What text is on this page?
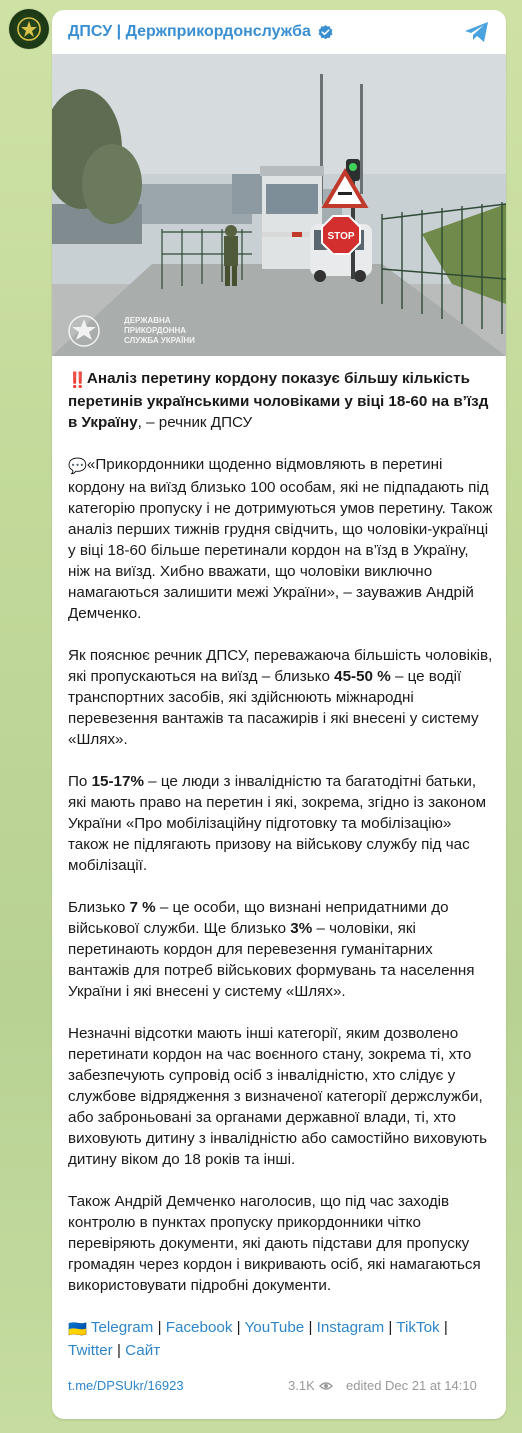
ДПСУ | Держприкордонслужба
STOP
ДЕРЖАВНА
ПРИКОРДОННА
СЛУЖБА УКРАЇНИ

‼️Аналіз перетину кордону показує більшу кількість перетинів українськими чоловіками у віці 18-60 на в’їзд в Україну, – речник ДПСУ

💬«Прикордонники щоденно відмовляють в перетині кордону на виїзд близько 100 особам, які не підпадають під категорію пропуску і не дотримуються умов перетину. Також аналіз перших тижнів грудня свідчить, що чоловіки-українці у віці 18-60 більше перетинали кордон на в’їзд в Україну, ніж на виїзд. Хибно вважати, що чоловіки виключно намагаються залишити межі України», – зауважив Андрій Демченко.

Як пояснює речник ДПСУ, переважаюча більшість чоловіків, які пропускаються на виїзд – близько 45-50 % – це водії транспортних засобів, які здійснюють міжнародні перевезення вантажів та пасажирів і які внесені у систему «Шлях».

По 15-17% – це люди з інвалідністю та багатодітні батьки, які мають право на перетин і які, зокрема, згідно із законом України «Про мобілізаційну підготовку та мобілізацію» також не підлягають призову на військову службу під час мобілізації.

Близько 7 % – це особи, що визнані непридатними до військової служби. Ще близько 3% – чоловіки, які перетинають кордон для перевезення гуманітарних вантажів для потреб військових формувань та населення України і які внесені у систему «Шлях».

Незначні відсотки мають інші категорії, яким дозволено перетинати кордон на час воєнного стану, зокрема ті, хто забезпечують супровід осіб з інвалідністю, хто слідує у службове відрядження з визначеної категорії держслужби, або заброньовані за органами державної влади, ті, хто виховують дитину з інвалідністю або самостійно виховують дитину віком до 18 років та інші.

Також Андрій Демченко наголосив, що під час заходів контролю в пунктах пропуску прикордонники чітко перевіряють документи, які дають підстави для пропуску громадян через кордон і викривають осіб, які намагаються використовувати підробні документи.

🇺🇦 Telegram | Facebook | YouTube | Instagram | TikTok | Twitter | Сайт

t.me/DPSUkr/16923	3.1K edited Dec 21 at 14:10
